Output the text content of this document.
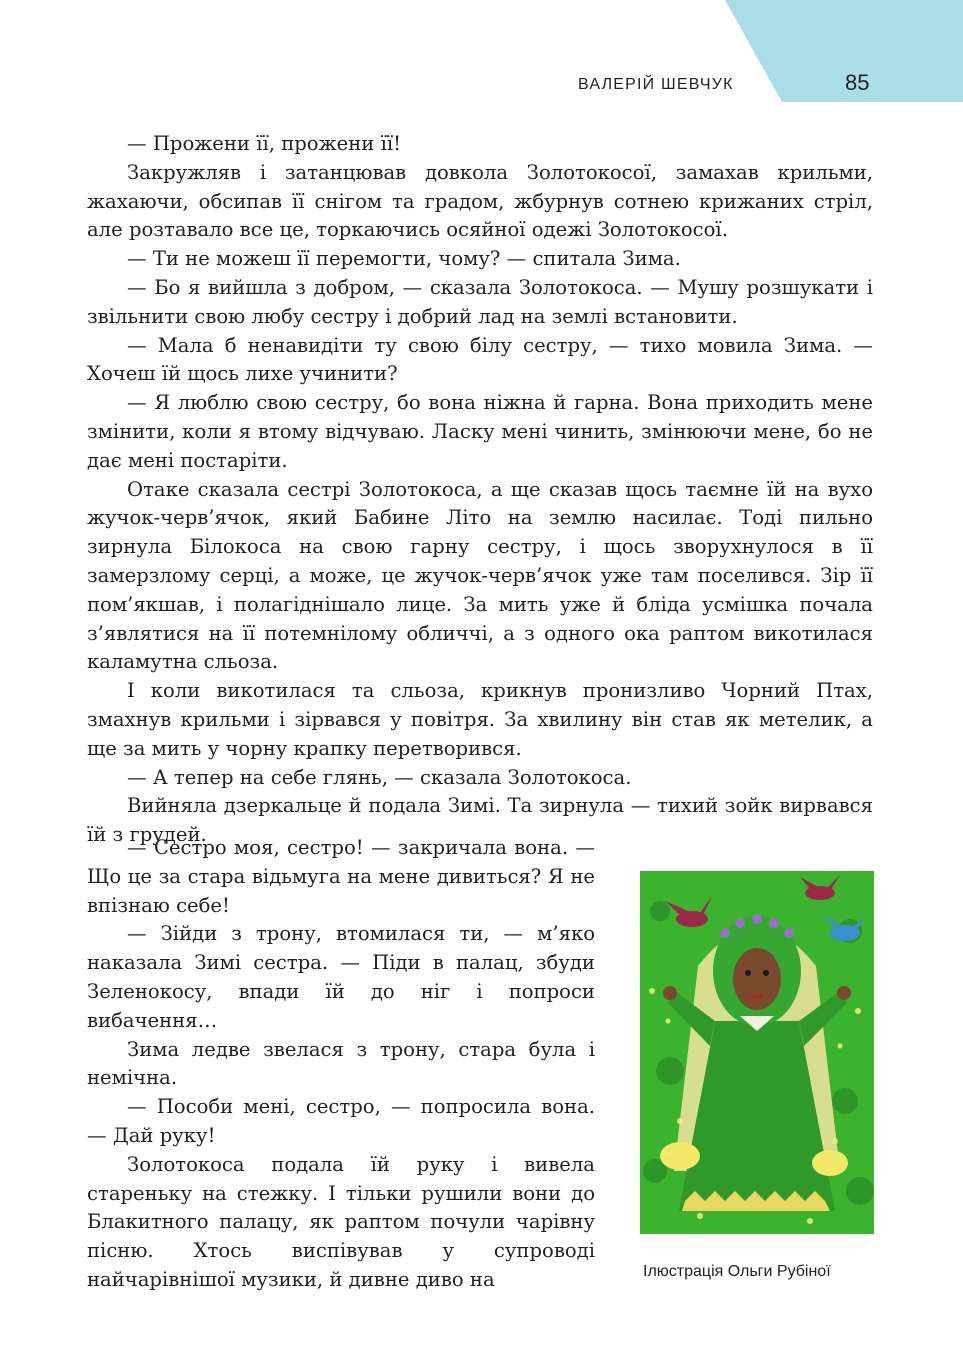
ВАЛЕРІЙ ШЕВЧУК	85

— Прожени її, прожени її!

Закружляв і затанцював довкола Золотокосої, замахав крильми, жахаючи, обсипав її снігом та градом, жбурнув сотнею крижаних стріл, але розтавало все це, торкаючись осяйної одежі Золотокосої.

— Ти не можеш її перемогти, чому? — спитала Зима.

— Бо я вийшла з добром, — сказала Золотокоса. — Мушу розшукати і звільнити свою любу сестру і добрий лад на землі встановити.

— Мала б ненавидіти ту свою білу сестру, — тихо мовила Зима. — Хочеш їй щось лихе учинити?

— Я люблю свою сестру, бо вона ніжна й гарна. Вона приходить мене змінити, коли я втому відчуваю. Ласку мені чинить, змінюючи мене, бо не дає мені постаріти.

Отаке сказала сестрі Золотокоса, а ще сказав щось таємне їй на вухо жучок-черв’ячок, який Бабине Літо на землю насилає. Тоді пильно зирнула Білокоса на свою гарну сестру, і щось зворухнулося в її замерзлому серці, а може, це жучок-черв’ячок уже там поселився. Зір її пом’якшав, і полагіднішало лице. За мить уже й бліда усмішка почала з’являтися на її потемнілому обличчі, а з одного ока раптом викотилася каламутна сльоза.

І коли викотилася та сльоза, крикнув пронизливо Чорний Птах, змахнув крильми і зірвався у повітря. За хвилину він став як метелик, а ще за мить у чорну крапку перетворився.

— А тепер на себе глянь, — сказала Золотокоса.

Вийняла дзеркальце й подала Зимі. Та зирнула — тихий зойк вирвався їй з грудей.

— Сестро моя, сестро! — закричала вона. — Що це за стара відьмуга на мене дивиться? Я не впізнаю себе!

— Зійди з трону, втомилася ти, — м’яко наказала Зимі сестра. — Піди в палац, збуди Зеленокосу, впади їй до ніг і попроси вибачення…

Зима ледве звелася з трону, стара була і немічна.

— Пособи мені, сестро, — попросила вона. — Дай руку!

Золотокоса подала їй руку і вивела стареньку на стежку. І тільки рушили вони до Блакитного палацу, як раптом почули чарівну пісню. Хтось виспівував у супроводі найчарівнішої музики, й дивне диво на	Ілюстрація Ольги Рубіної
